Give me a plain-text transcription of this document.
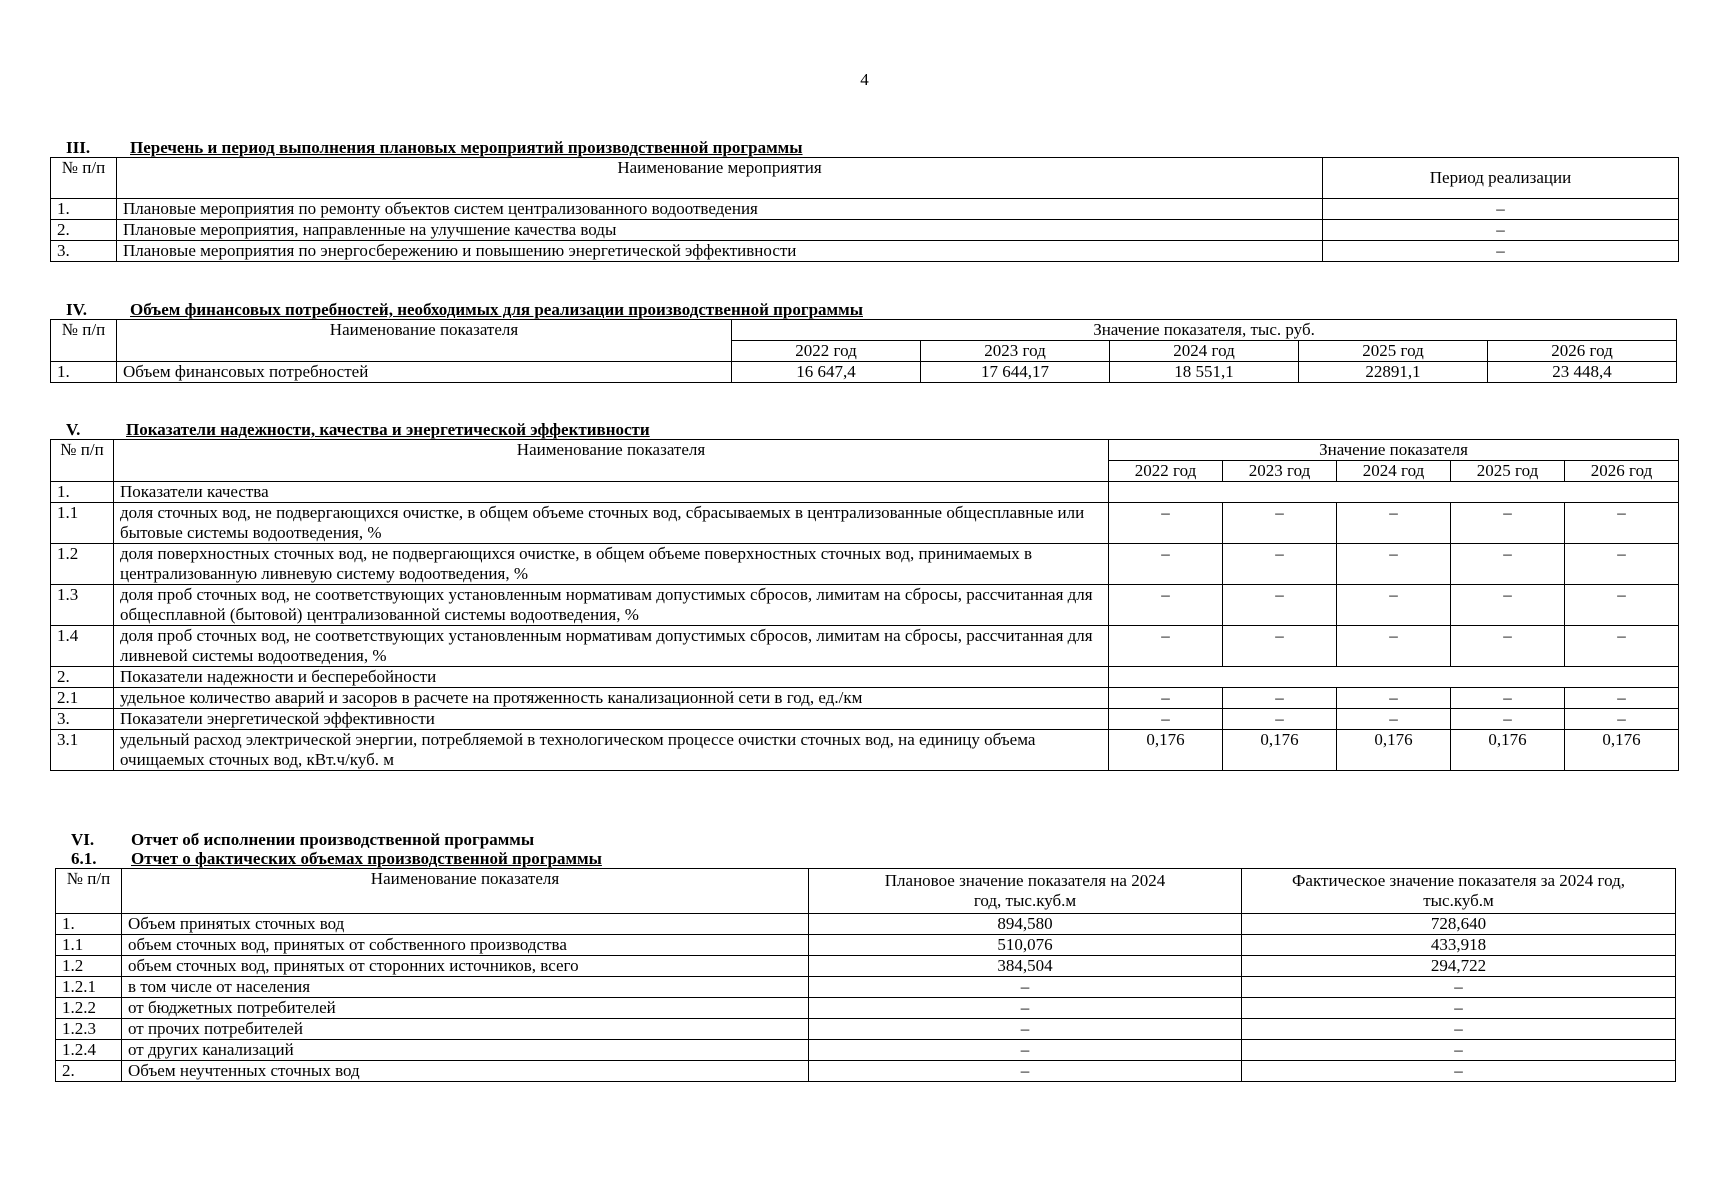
4
III. Перечень и период выполнения плановых мероприятий производственной программы
№ п/п	Наименование мероприятия	Период реализации
1.	Плановые мероприятия по ремонту объектов систем централизованного водоотведения	–
2.	Плановые мероприятия, направленные на улучшение качества воды	–
3.	Плановые мероприятия по энергосбережению и повышению энергетической эффективности	–
IV.	Объем финансовых потребностей, необходимых для реализации производственной программы
№ п/п	Наименование показателя	Значение показателя, тыс. руб.				
		2022 год	2023 год	2024 год	2025 год	2026 год
1.	Объем финансовых потребностей	16 647,4	17 644,17	18 551,1	22891,1	23 448,4
V.	Показатели надежности, качества и энергетической эффективности
№ п/п	Наименование показателя	Значение показателя				
		2022 год	2023 год	2024 год	2025 год	2026 год
1.	Показатели качества					
1.1	доля сточных вод, не подвергающихся очистке, в общем объеме сточных вод, сбрасываемых в централизованные общесплавные или бытовые системы водоотведения, %	–	–	–	–	–
1.2	доля поверхностных сточных вод, не подвергающихся очистке, в общем объеме поверхностных сточных вод, принимаемых в централизованную ливневую систему водоотведения, %	–	–	–	–	–
1.3	доля проб сточных вод, не соответствующих установленным нормативам допустимых сбросов, лимитам на сбросы, рассчитанная для общесплавной (бытовой) централизованной системы водоотведения, %	–	–	–	–	–
1.4	доля проб сточных вод, не соответствующих установленным нормативам допустимых сбросов, лимитам на сбросы, рассчитанная для ливневой системы водоотведения, %	–	–	–	–	–
2.	Показатели надежности и бесперебойности					
2.1	удельное количество аварий и засоров в расчете на протяженность канализационной сети в год, ед./км	–	–	–	–	–
3.	Показатели энергетической эффективности	–	–	–	–	–
3.1	удельный расход электрической энергии, потребляемой в технологическом процессе очистки сточных вод, на единицу объема очищаемых сточных вод, кВт.ч/куб. м	0,176	0,176	0,176	0,176	0,176
VI. Отчет об исполнении производственной программы
6.1. Отчет о фактических объемах производственной программы
№ п/п	Наименование показателя	Плановое значение показателя на 2024 год, тыс.куб.м	Фактическое значение показателя за 2024 год, тыс.куб.м
1.	Объем принятых сточных вод	894,580	728,640
1.1	объем сточных вод, принятых от собственного производства	510,076	433,918
1.2	объем сточных вод, принятых от сторонних источников, всего	384,504	294,722
1.2.1	в том числе от населения	–	–
1.2.2	от бюджетных потребителей	–	–
1.2.3	от прочих потребителей	–	–
1.2.4	от других канализаций	–	–
2.	Объем неучтенных сточных вод	–	–
